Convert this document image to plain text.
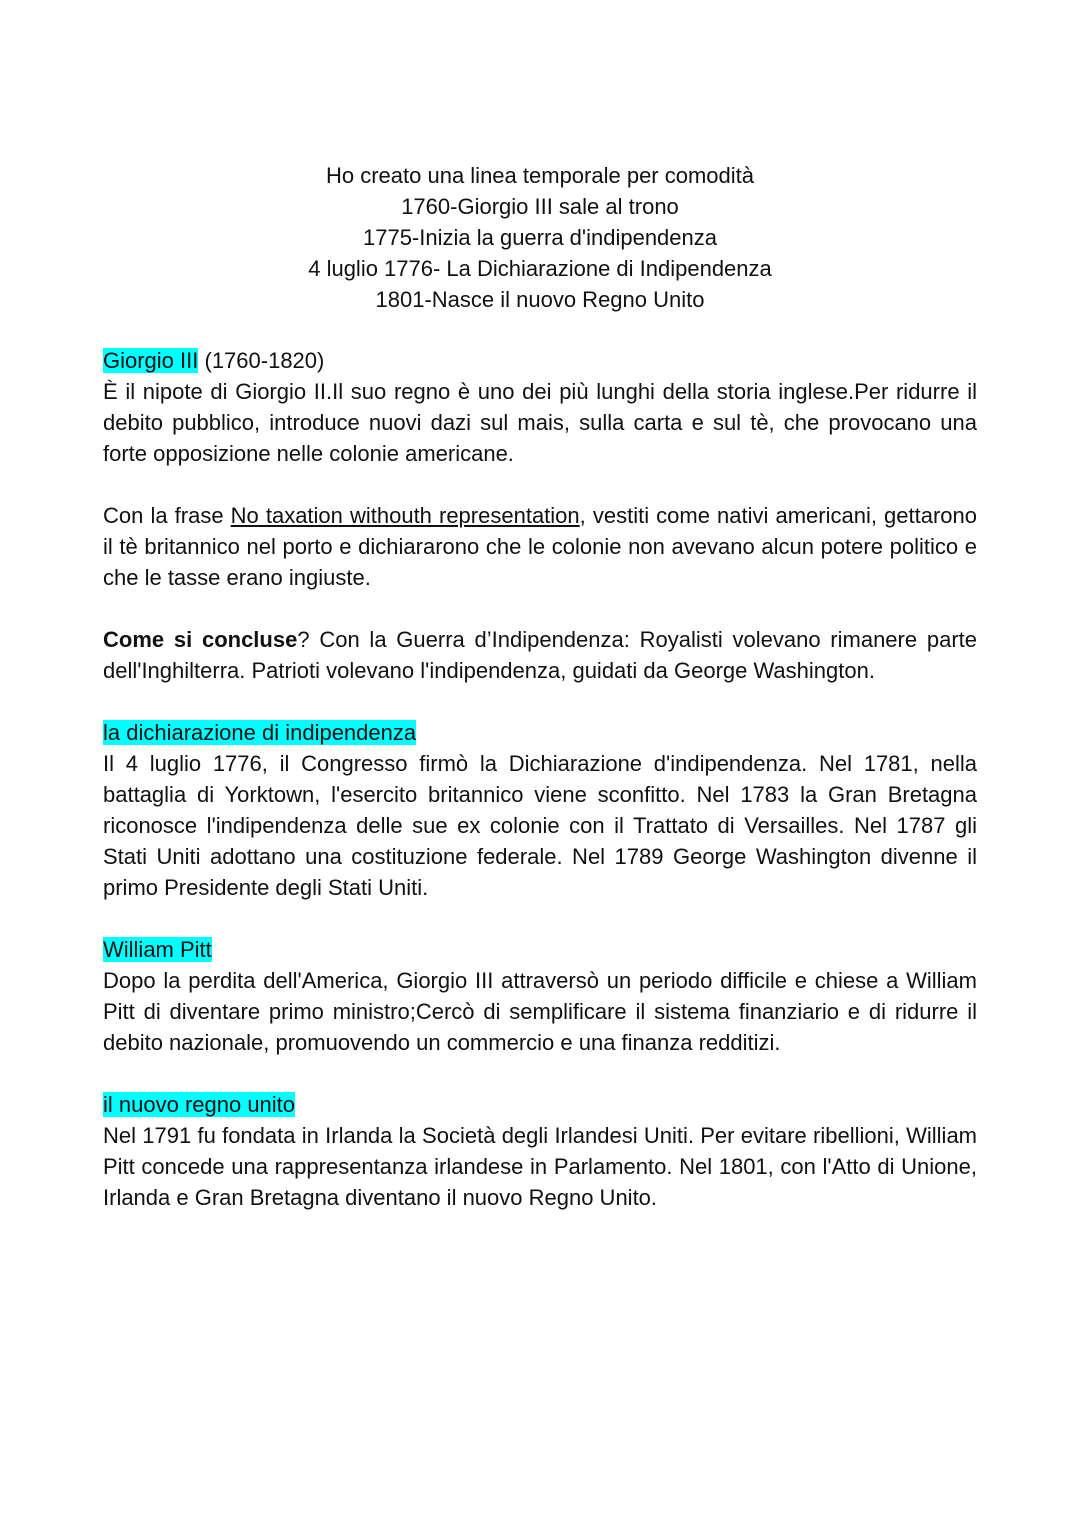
Ho creato una linea temporale per comodità
1760-Giorgio III sale al trono
1775-Inizia la guerra d'indipendenza
4 luglio 1776- La Dichiarazione di Indipendenza
1801-Nasce il nuovo Regno Unito

Giorgio III (1760-1820)

È il nipote di Giorgio II.Il suo regno è uno dei più lunghi della storia inglese.Per ridurre il debito pubblico, introduce nuovi dazi sul mais, sulla carta e sul tè, che provocano una forte opposizione nelle colonie americane.

Con la frase No taxation withouth representation, vestiti come nativi americani, gettarono il tè britannico nel porto e dichiararono che le colonie non avevano alcun potere politico e che le tasse erano ingiuste.

Come si concluse? Con la Guerra d’Indipendenza: Royalisti volevano rimanere parte dell'Inghilterra. Patrioti volevano l'indipendenza, guidati da George Washington.

la dichiarazione di indipendenza

Il 4 luglio 1776, il Congresso firmò la Dichiarazione d'indipendenza. Nel 1781, nella battaglia di Yorktown, l'esercito britannico viene sconfitto. Nel 1783 la Gran Bretagna riconosce l'indipendenza delle sue ex colonie con il Trattato di Versailles. Nel 1787 gli Stati Uniti adottano una costituzione federale. Nel 1789 George Washington divenne il primo Presidente degli Stati Uniti.

William Pitt

Dopo la perdita dell'America, Giorgio III attraversò un periodo difficile e chiese a William Pitt di diventare primo ministro;Cercò di semplificare il sistema finanziario e di ridurre il debito nazionale, promuovendo un commercio e una finanza redditizi.

il nuovo regno unito

Nel 1791 fu fondata in Irlanda la Società degli Irlandesi Uniti. Per evitare ribellioni, William Pitt concede una rappresentanza irlandese in Parlamento. Nel 1801, con l'Atto di Unione, Irlanda e Gran Bretagna diventano il nuovo Regno Unito.
